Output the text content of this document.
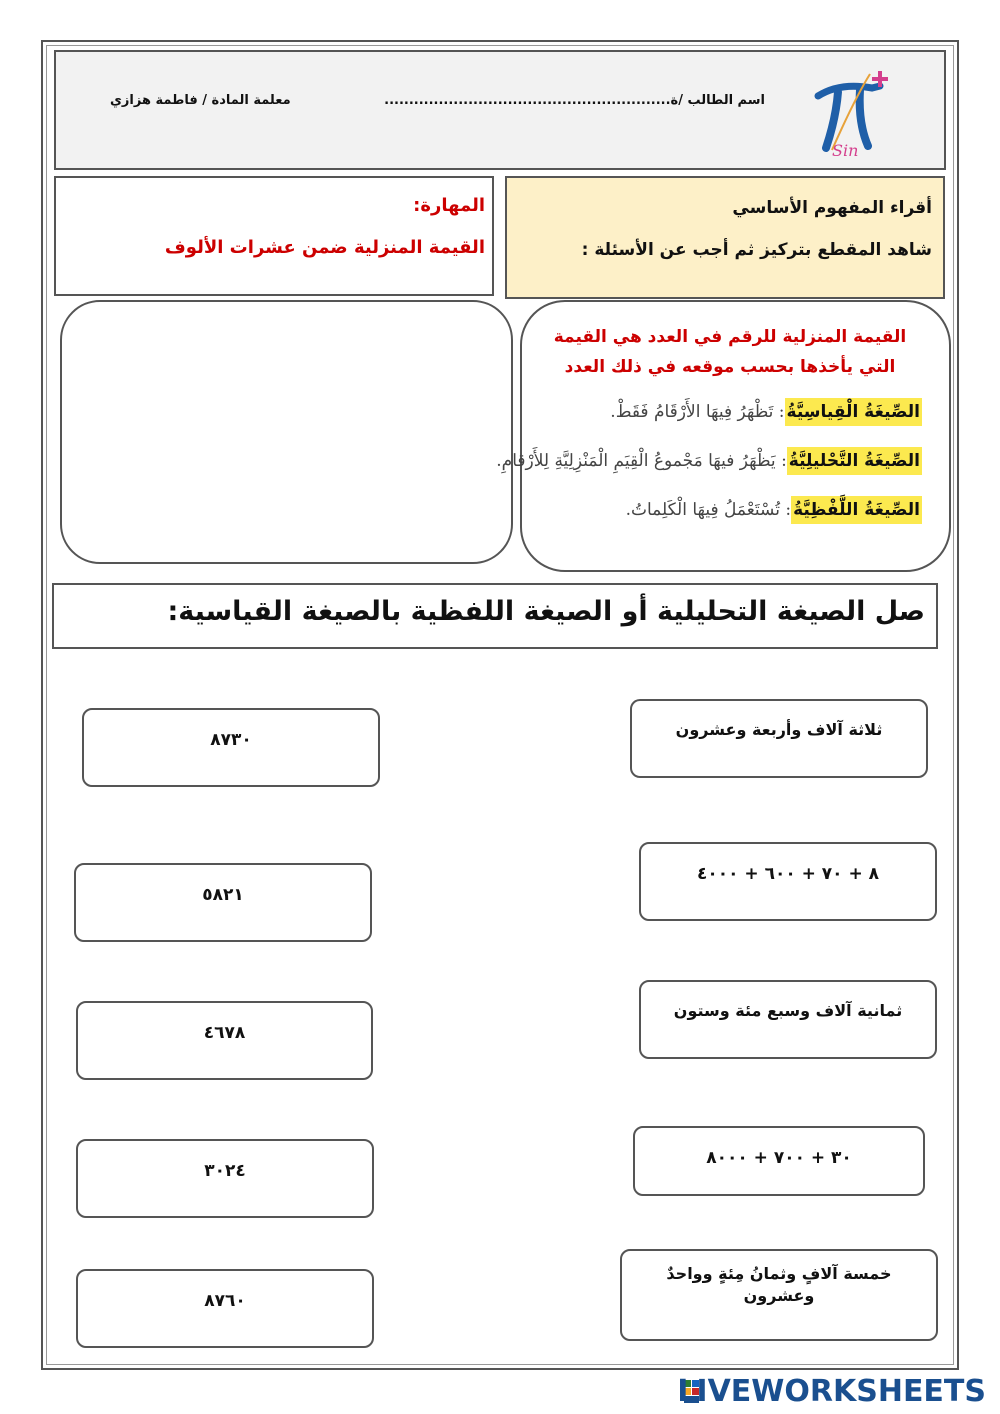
معلمة المادة / فاطمة هزازي	اسم الطالب /ة..........................................................
Sin
المهارة:
القيمة المنزلية ضمن عشرات الألوف
أقراء المفهوم الأساسي
شاهد المقطع بتركيز ثم أجب عن الأسئلة :
القيمة المنزلية للرقم في العدد هي القيمة التي يأخذها بحسب موقعه في ذلك العدد
الصِّيغَةُ الْقِياسِيَّةُ: تَظْهَرُ فِيهَا الأَرْقَامُ فَقَطْ.
الصِّيغَةُ التَّحْليلِيَّةُ: يَظْهَرُ فيهَا مَجْموعُ الْقِيَمِ الْمَنْزِلِيَّةِ لِلأَرْقامِ.
الصِّيغَةُ اللَّفْظِيَّةُ: تُسْتَعْمَلُ فِيهَا الْكَلِماتُ.
صل الصيغة التحليلية أو الصيغة اللفظية بالصيغة القياسية:
٨٧٣٠
٥٨٢١
٤٦٧٨
٣٠٢٤
٨٧٦٠
ثلاثة آلاف وأربعة وعشرون
٨ + ٧٠ + ٦٠٠ + ٤٠٠٠
ثمانية آلاف وسبع مئة وستون
٣٠ + ٧٠٠ + ٨٠٠٠
خمسة آلافٍ وثمانُ مِئةٍ وواحدٌ وعشرون
LIVEWORKSHEETS
